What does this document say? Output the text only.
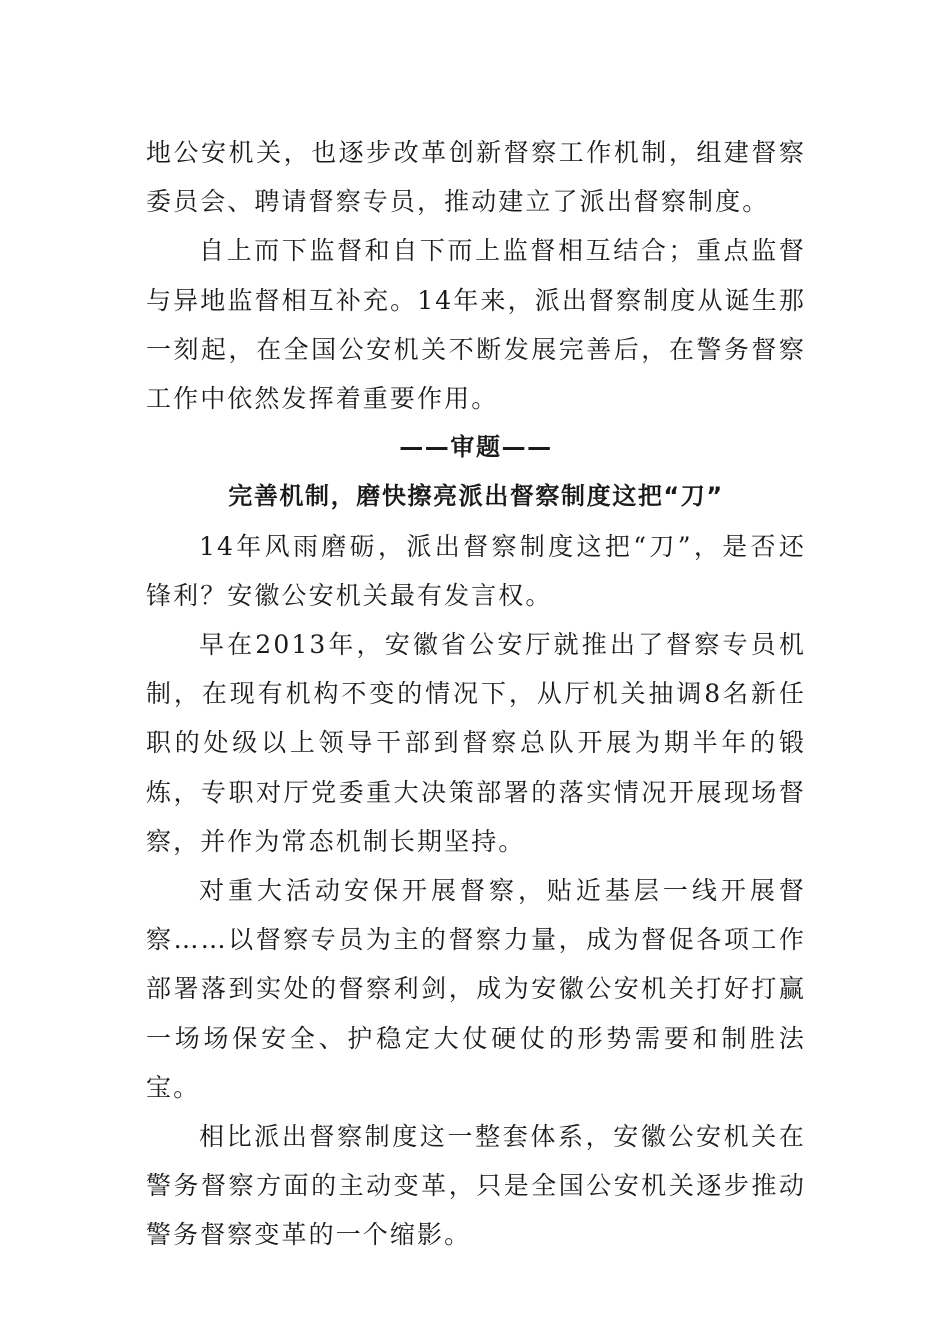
地公安机关，也逐步改革创新督察工作机制，组建督察委员会、聘请督察专员，推动建立了派出督察制度。

自上而下监督和自下而上监督相互结合；重点监督与异地监督相互补充。14年来，派出督察制度从诞生那一刻起，在全国公安机关不断发展完善后，在警务督察工作中依然发挥着重要作用。

——审题——

完善机制，磨快擦亮派出督察制度这把“刀”

14年风雨磨砺，派出督察制度这把“刀”，是否还锋利？安徽公安机关最有发言权。

早在2013年，安徽省公安厅就推出了督察专员机制，在现有机构不变的情况下，从厅机关抽调8名新任职的处级以上领导干部到督察总队开展为期半年的锻炼，专职对厅党委重大决策部署的落实情况开展现场督察，并作为常态机制长期坚持。

对重大活动安保开展督察，贴近基层一线开展督察……以督察专员为主的督察力量，成为督促各项工作部署落到实处的督察利剑，成为安徽公安机关打好打赢一场场保安全、护稳定大仗硬仗的形势需要和制胜法宝。

相比派出督察制度这一整套体系，安徽公安机关在警务督察方面的主动变革，只是全国公安机关逐步推动警务督察变革的一个缩影。
